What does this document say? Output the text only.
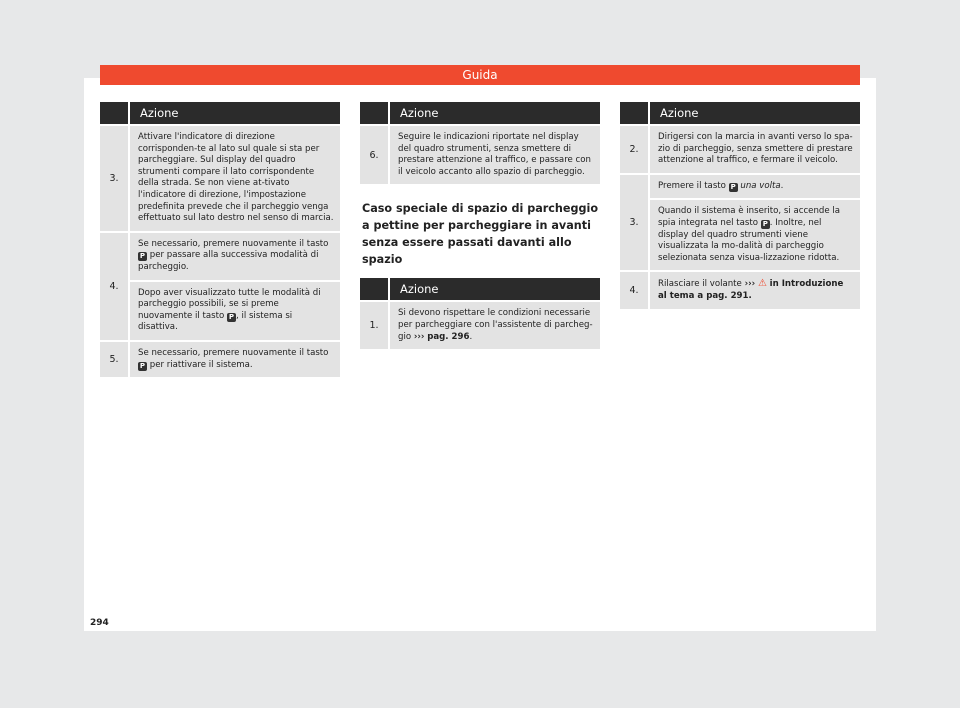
Guida
Azione
3.
Attivare l'indicatore di direzione corrisponden-te al lato sul quale si sta per parcheggiare. Sul display del quadro strumenti compare il lato corrispondente della strada. Se non viene at-tivato l'indicatore di direzione, l'impostazione predefinita prevede che il parcheggio venga effettuato sul lato destro nel senso di marcia.
4.
Se necessario, premere nuovamente il tasto P per passare alla successiva modalità di parcheggio.
Dopo aver visualizzato tutte le modalità di parcheggio possibili, se si preme nuovamente il tasto P , il sistema si disattiva.
5.
Se necessario, premere nuovamente il tasto P per riattivare il sistema.
Azione
6.
Seguire le indicazioni riportate nel display del quadro strumenti, senza smettere di prestare attenzione al traffico, e passare con il veicolo accanto allo spazio di parcheggio.
Caso speciale di spazio di parcheggio a pettine per parcheggiare in avanti senza essere passati davanti allo spazio
Azione
1.
Si devono rispettare le condizioni necessarie per parcheggiare con l'assistente di parcheg-gio ››› pag. 296.
Azione
2.
Dirigersi con la marcia in avanti verso lo spa-zio di parcheggio, senza smettere di prestare attenzione al traffico, e fermare il veicolo.
3.
Premere il tasto P una volta.
Quando il sistema è inserito, si accende la spia integrata nel tasto P . Inoltre, nel display del quadro strumenti viene visualizzata la mo-dalità di parcheggio selezionata senza visua-lizzazione ridotta.
4.
Rilasciare il volante ››› ⚠ in Introduzione al tema a pag. 291.
294
